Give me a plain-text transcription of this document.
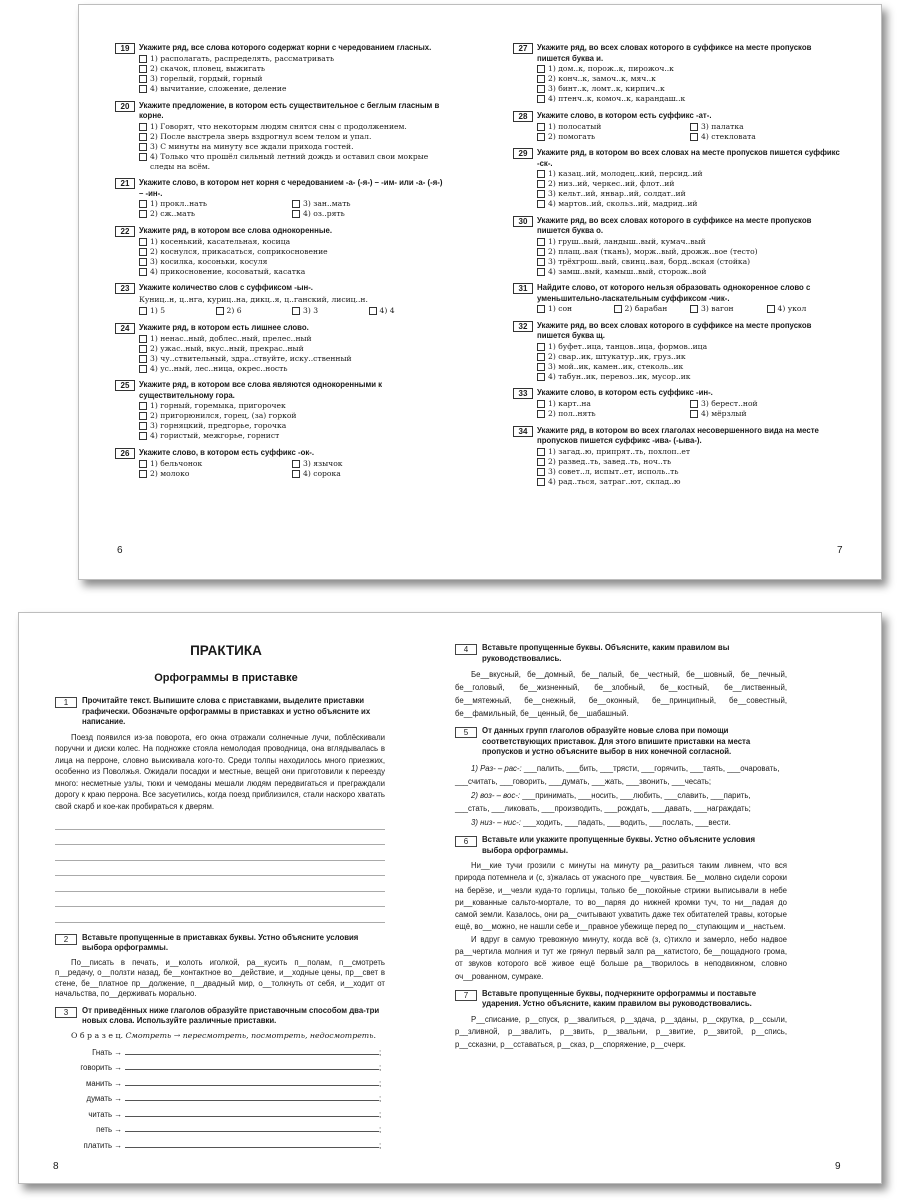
19	Укажите ряд, все слова которого содержат корни с чередованием гласных.
1) располагать, распределять, рассматривать
2) скачок, пловец, выжигать
3) горелый, гордый, горный
4) вычитание, сложение, деление
20	Укажите предложение, в котором есть существительное с беглым гласным в корне.
1) Говорят, что некоторым людям снятся сны с продолжением.
2) После выстрела зверь вздрогнул всем телом и упал.
3) С минуты на минуту все ждали прихода гостей.
4) Только что прошёл сильный летний дождь и оставил свои мокрые
следы на всём.
21	Укажите слово, в котором нет корня с чередованием -а- (-я-) – -им- или -а- (-я-) – -ин-.
1) прокл..нать	3) зан..мать
2) сж..мать	4) оз..рять
22	Укажите ряд, в котором все слова однокоренные.
1) косенький, касательная, косица
2) коснулся, прикасаться, соприкосновение
3) косилка, косоньки, косуля
4) прикосновение, косоватый, касатка
23	Укажите количество слов с суффиксом -ын-.
Куниц..н, ц..нга, куриц..на, дикц..я, ц..ганский, лисиц..н.
1) 5	2) 6	3) 3	4) 4
24	Укажите ряд, в котором есть лишнее слово.
1) ненас..ный, доблес..ный, прелес..ный
2) ужас..ный, вкус..ный, прекрас..ный
3) чу..ствительный, здра..ствуйте, иску..ственный
4) ус..ный, лес..ница, окрес..ность
25	Укажите ряд, в котором все слова являются однокоренными к существительному гора.
1) горный, горемыка, пригорочек
2) пригорюнился, горец, (за) горкой
3) горняцкий, предгорье, горочка
4) гористый, межгорье, горнист
26	Укажите слово, в котором есть суффикс -ок-.
1) бельчонок	3) язычок
2) молоко	4) сорока
6
27	Укажите ряд, во всех словах которого в суффиксе на месте пропусков пишется буква и.
1) дом..к, порож..к, пирожоч..к
2) конч..к, замоч..к, мяч..к
3) бинт..к, ломт..к, кирпич..к
4) птенч..к, комоч..к, карандаш..к
28	Укажите слово, в котором есть суффикс -ат-.
1) полосатый	3) палатка
2) помогать	4) стекловата
29	Укажите ряд, в котором во всех словах на месте пропусков пишется суффикс -ск-.
1) казац..ий, молодец..кий, персид..ий
2) низ..ий, черкес..ий, флот..ий
3) кельт..ий, январ..ий, солдат..ий
4) мартов..ий, скольз..ий, мадрид..ий
30	Укажите ряд, во всех словах которого в суффиксе на месте пропусков пишется буква о.
1) груш..вый, ландыш..вый, кумач..вый
2) плащ..вая (ткань), морж..вый, дрожж..вое (тесто)
3) трёхгрош..вый, свинц..вая, борд..вская (стойка)
4) замш..вый, камыш..вый, сторож..вой
31	Найдите слово, от которого нельзя образовать однокоренное слово с уменьшительно-ласкательным суффиксом -чик-.
1) сон	2) барабан	3) вагон	4) укол
32	Укажите ряд, во всех словах которого в суффиксе на месте пропусков пишется буква щ.
1) буфет..ица, танцов..ица, формов..ица
2) свар..ик, штукатур..ик, груз..ик
3) мой..ик, камен..ик, стеколь..ик
4) табун..ик, перевоз..ик, мусор..ик
33	Укажите слово, в котором есть суффикс -ин-.
1) карт..на	3) берест..ной
2) пол..нять	4) мёрзлый
34	Укажите ряд, в котором во всех глаголах несовершенного вида на месте пропусков пишется суффикс -ива- (-ыва-).
1) загад..ю, припрят..ть, похлоп..ет
2) развед..ть, завед..ть, ноч..ть
3) совет..л, испыт..ет, исполь..ть
4) рад..ться, затраг..ют, склад..ю
7
ПРАКТИКА
Орфограммы в приставке
1	Прочитайте текст. Выпишите слова с приставками, выделите приставки графически. Обозначьте орфограммы в приставках и устно объясните их написание.
Поезд появился из-за поворота, его окна отражали солнечные лучи, поблёскивали поручни и диски колес. На подножке стояла немолодая проводница, она вглядывалась в лица на перроне, словно выискивала кого-то. Среди толпы находилось много приезжих, особенно из Поволжья. Ожидали посадки и местные, вещей они приготовили к переезду много: несметные узлы, тюки и чемоданы мешали людям передвигаться и преграждали дорогу к краю перрона. Все засуетились, когда поезд приблизился, стали наскоро хватать свой скарб и кое-как пробираться к дверям.
2	Вставьте пропущенные в приставках буквы. Устно объясните условия выбора орфограммы.
По__писать в печать, и__колоть иголкой, ра__кусить п__полам, п__смотреть п__редачу, о__ползти назад, бе__контактное во__действие, и__ходные цены, пр__свет в стене, бе__платное пр__должение, п__двадный мир, о__толкнуть от себя, и__ходит от начальства, по__держивать морально.
3	От приведённых ниже глаголов образуйте приставочным способом два-три новых слова. Используйте различные приставки.
О б р а з е ц. Смотреть → пересмотреть, посмотреть, недосмотреть.
Гнать →	;
говорить →	;
манить →	;
думать →	;
читать →	;
петь →	;
платить →	;
8
4	Вставьте пропущенные буквы. Объясните, каким правилом вы руководствовались.
Бе__вкусный, бе__домный, бе__палый, бе__честный, бе__шовный, бе__печный, бе__головый, бе__жизненный, бе__злобный, бе__костный, бе__лиственный, бе__мятежный, бе__снежный, бе__оконный, бе__принципный, бе__совестный, бе__фамильный, бе__ценный, бе__шабашный.
5	От данных групп глаголов образуйте новые слова при помощи соответствующих приставок. Для этого впишите приставки на места пропусков и устно объясните выбор в них конечной согласной.
1) Раз- – рас-: ___палить, ___бить, ___трясти, ___горячить, ___таять, ___очаровать, ___считать, ___говорить, ___думать, ___жать, ___звонить, ___чесать;
2) воз- – вос-: ___принимать, ___носить, ___любить, ___славить, ___парить, ___стать, ___ликовать, ___производить, ___рождать, ___давать, ___награждать;
3) низ- – нис-: ___ходить, ___падать, ___водить, ___послать, ___вести.
6	Вставьте или укажите пропущенные буквы. Устно объясните условия выбора орфограммы.
Ни__кие тучи грозили с минуты на минуту ра__разиться таким ливнем, что вся природа потемнела и (с, з)жалась от ужасного пре__чувствия. Бе__молвно сидели сороки на берёзе, и__чезли куда-то горлицы, только бе__покойные стрижи выписывали в небе ри__кованные сальто-мортале, то во__паряя до нижней кромки туч, то ни__падая до самой земли. Казалось, они ра__считывают ухватить даже тех обитателей травы, которые ещё, во__можно, не нашли себе и__правное убежище перед по__ступающим и__настьем.
И вдруг в самую тревожную минуту, когда всё (з, с)тихло и замерло, небо надвое ра__чертила молния и тут же грянул первый залп ра__катистого, бе__пощадного грома, от звуков которого всё живое ещё больше ра__творилось в неподвижном, словно оч__рованном, сумраке.
7	Вставьте пропущенные буквы, подчеркните орфограммы и поставьте ударения. Устно объясните, каким правилом вы руководствовались.
Р__списание, р__спуск, р__звалиться, р__здача, р__зданы, р__скрутка, р__ссыли, р__зливной, р__звалить, р__звить, р__звальни, р__звитие, р__звитой, р__спись, р__ссказни, р__сставаться, р__сказ, р__споряжение, р__счерк.
9
